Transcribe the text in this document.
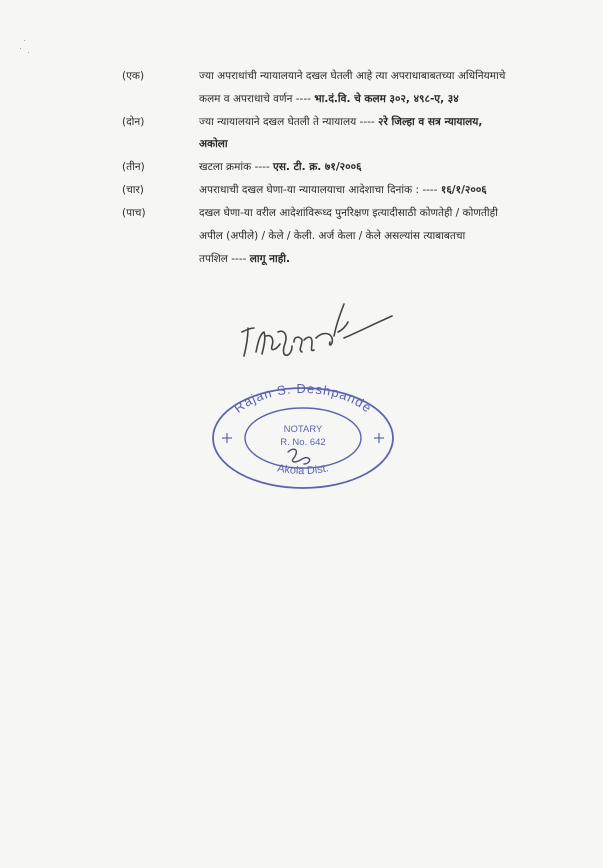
(एक)	ज्या अपराधांची न्यायालयाने दखल घेतली आहे त्या अपराधाबाबतच्या अधिनियमाचे
कलम व अपराधाचे वर्णन ---- भा.दं.वि. चे कलम ३०२, ४९८-ए, ३४
(दोन)	ज्या न्यायालयाने दखल घेतली ते न्यायालय ---- २रे जिल्हा व सत्र न्यायालय,
अकोला
(तीन)	खटला क्रमांक ---- एस. टी. क्र. ७१/२००६
(चार)	अपराधाची दखल घेणा-या न्यायालयाचा आदेशाचा दिनांक : ---- १६/१/२००६
(पाच)	दखल घेणा-या वरील आदेशांविरूध्द पुनरिक्षण इत्यादीसाठी कोणतेही / कोणतीही
अपील (अपीले) / केले / केली. अर्ज केला / केले असल्यांस त्याबाबतचा
तपशिल ---- लागू नाही.
Rajan S. Deshpande
Akola Dist.
NOTARY
R. No. 642
